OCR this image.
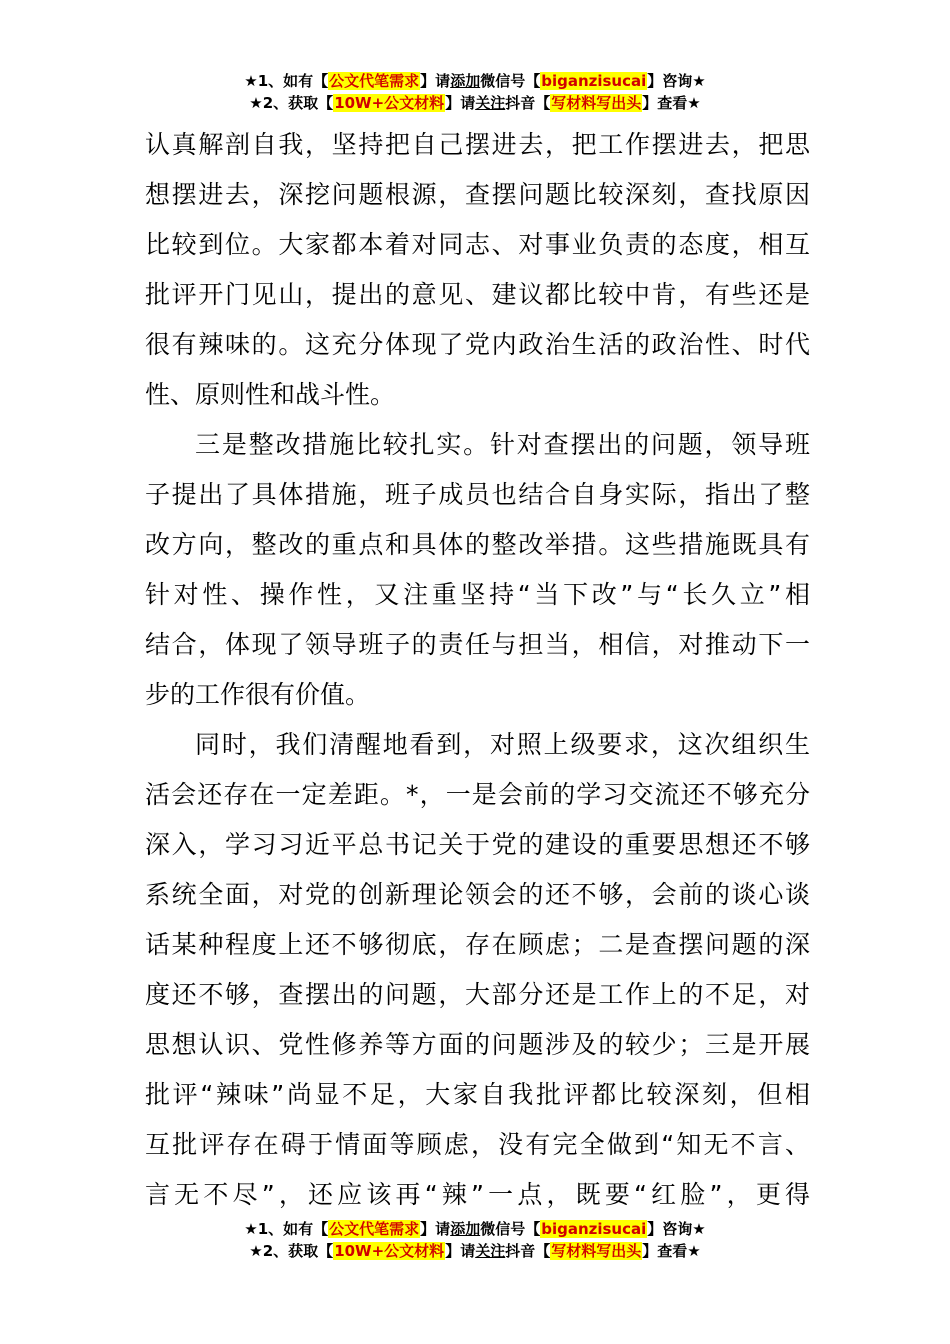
★1、如有【公文代笔需求】请添加微信号【biganzisucai】咨询★
★2、获取【10W+公文材料】请关注抖音【写材料写出头】查看★
认真解剖自我，坚持把自己摆进去，把工作摆进去，把思
想摆进去，深挖问题根源，查摆问题比较深刻，查找原因
比较到位。大家都本着对同志、对事业负责的态度，相互
批评开门见山，提出的意见、建议都比较中肯，有些还是
很有辣味的。这充分体现了党内政治生活的政治性、时代
性、原则性和战斗性。
三是整改措施比较扎实。针对查摆出的问题，领导班
子提出了具体措施，班子成员也结合自身实际，指出了整
改方向，整改的重点和具体的整改举措。这些措施既具有
针对性、操作性，又注重坚持“当下改”与“长久立”相
结合，体现了领导班子的责任与担当，相信，对推动下一
步的工作很有价值。
同时，我们清醒地看到，对照上级要求，这次组织生
活会还存在一定差距。*，一是会前的学习交流还不够充分
深入，学习习近平总书记关于党的建设的重要思想还不够
系统全面，对党的创新理论领会的还不够，会前的谈心谈
话某种程度上还不够彻底，存在顾虑；二是查摆问题的深
度还不够，查摆出的问题，大部分还是工作上的不足，对
思想认识、党性修养等方面的问题涉及的较少；三是开展
批评“辣味”尚显不足，大家自我批评都比较深刻，但相
互批评存在碍于情面等顾虑，没有完全做到“知无不言、
言无不尽”，还应该再“辣”一点，既要“红脸”，更得
★1、如有【公文代笔需求】请添加微信号【biganzisucai】咨询★
★2、获取【10W+公文材料】请关注抖音【写材料写出头】查看★
